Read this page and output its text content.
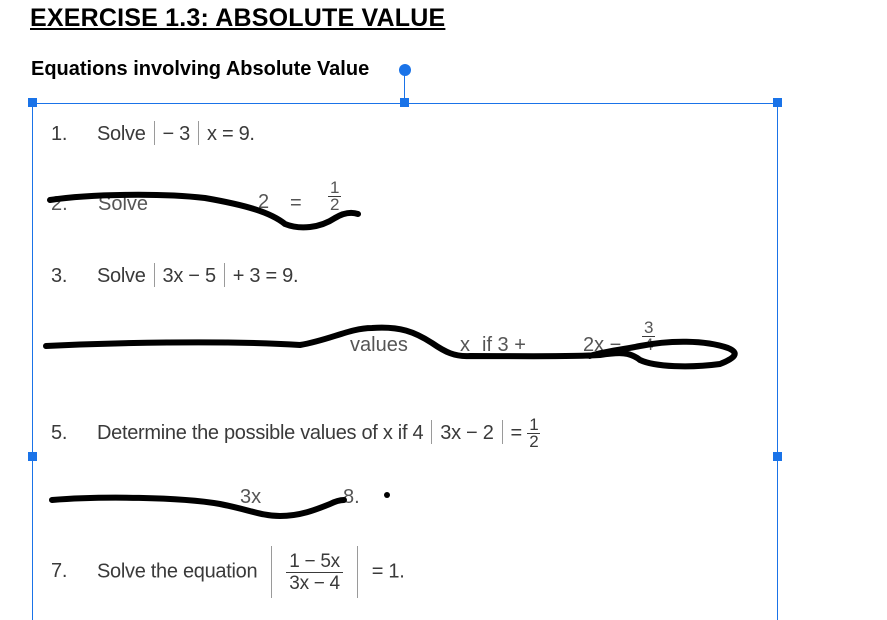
EXERCISE 1.3: ABSOLUTE VALUE
Equations involving Absolute Value
1. Solve − 3 x = 9.
2. Solve	$2 = \frac{1}{2}$
3. Solve 3x − 5 + 3 = 9.
values	x if 3 +	$2x - \frac{3}{4}$
5. Determine the possible values of x if 4 $3x - 2 = \frac{1}{2}$
3x	8.
7. Solve the equation $\frac{1 - 5x}{3x - 4} = 1$.
